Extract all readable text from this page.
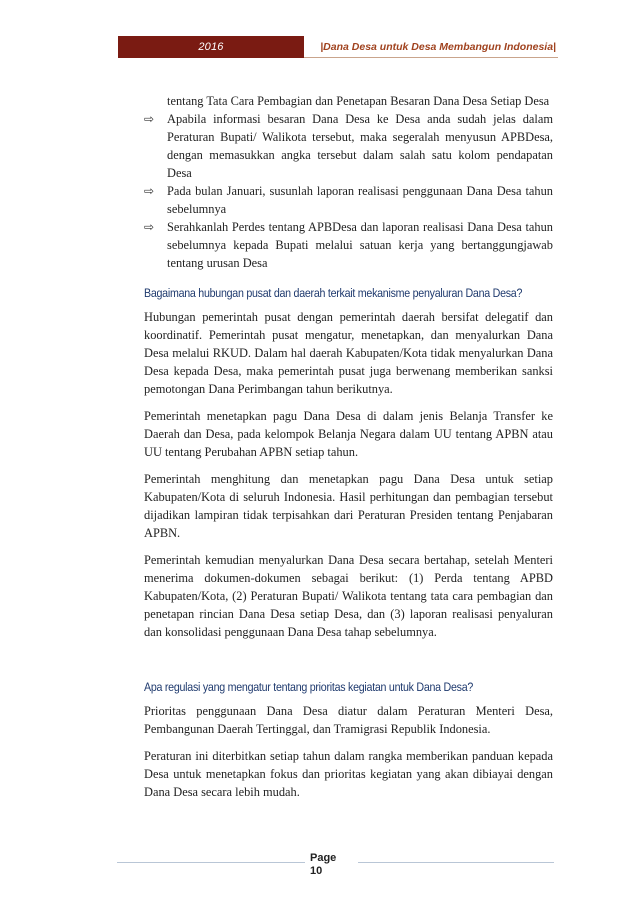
2016	|Dana Desa untuk Desa Membangun Indonesia|
tentang Tata Cara Pembagian dan Penetapan Besaran Dana Desa Setiap Desa
⇨	Apabila informasi besaran Dana Desa ke Desa anda sudah jelas dalam Peraturan Bupati/ Walikota tersebut, maka segeralah menyusun APBDesa, dengan memasukkan angka tersebut dalam salah satu kolom pendapatan Desa
⇨	Pada bulan Januari, susunlah laporan realisasi penggunaan Dana Desa tahun sebelumnya
⇨	Serahkanlah Perdes tentang APBDesa dan laporan realisasi Dana Desa tahun sebelumnya kepada Bupati melalui satuan kerja yang bertanggungjawab tentang urusan Desa
Bagaimana hubungan pusat dan daerah terkait mekanisme penyaluran Dana Desa?

Hubungan pemerintah pusat dengan pemerintah daerah bersifat delegatif dan koordinatif. Pemerintah pusat mengatur, menetapkan, dan menyalurkan Dana Desa melalui RKUD. Dalam hal daerah Kabupaten/Kota tidak menyalurkan Dana Desa kepada Desa, maka pemerintah pusat juga berwenang memberikan sanksi pemotongan Dana Perimbangan tahun berikutnya.

Pemerintah menetapkan pagu Dana Desa di dalam jenis Belanja Transfer ke Daerah dan Desa, pada kelompok Belanja Negara dalam UU tentang APBN atau UU tentang Perubahan APBN setiap tahun.

Pemerintah menghitung dan menetapkan pagu Dana Desa untuk setiap Kabupaten/Kota di seluruh Indonesia. Hasil perhitungan dan pembagian tersebut dijadikan lampiran tidak terpisahkan dari Peraturan Presiden tentang Penjabaran APBN.

Pemerintah kemudian menyalurkan Dana Desa secara bertahap, setelah Menteri menerima dokumen-dokumen sebagai berikut: (1) Perda tentang APBD Kabupaten/Kota, (2) Peraturan Bupati/ Walikota tentang tata cara pembagian dan penetapan rincian Dana Desa setiap Desa, dan (3) laporan realisasi penyaluran dan konsolidasi penggunaan Dana Desa tahap sebelumnya.

Apa regulasi yang mengatur tentang prioritas kegiatan untuk Dana Desa?

Prioritas penggunaan Dana Desa diatur dalam Peraturan Menteri Desa, Pembangunan Daerah Tertinggal, dan Tramigrasi Republik Indonesia.

Peraturan ini diterbitkan setiap tahun dalam rangka memberikan panduan kepada Desa untuk menetapkan fokus dan prioritas kegiatan yang akan dibiayai dengan Dana Desa secara lebih mudah.

Page
10
